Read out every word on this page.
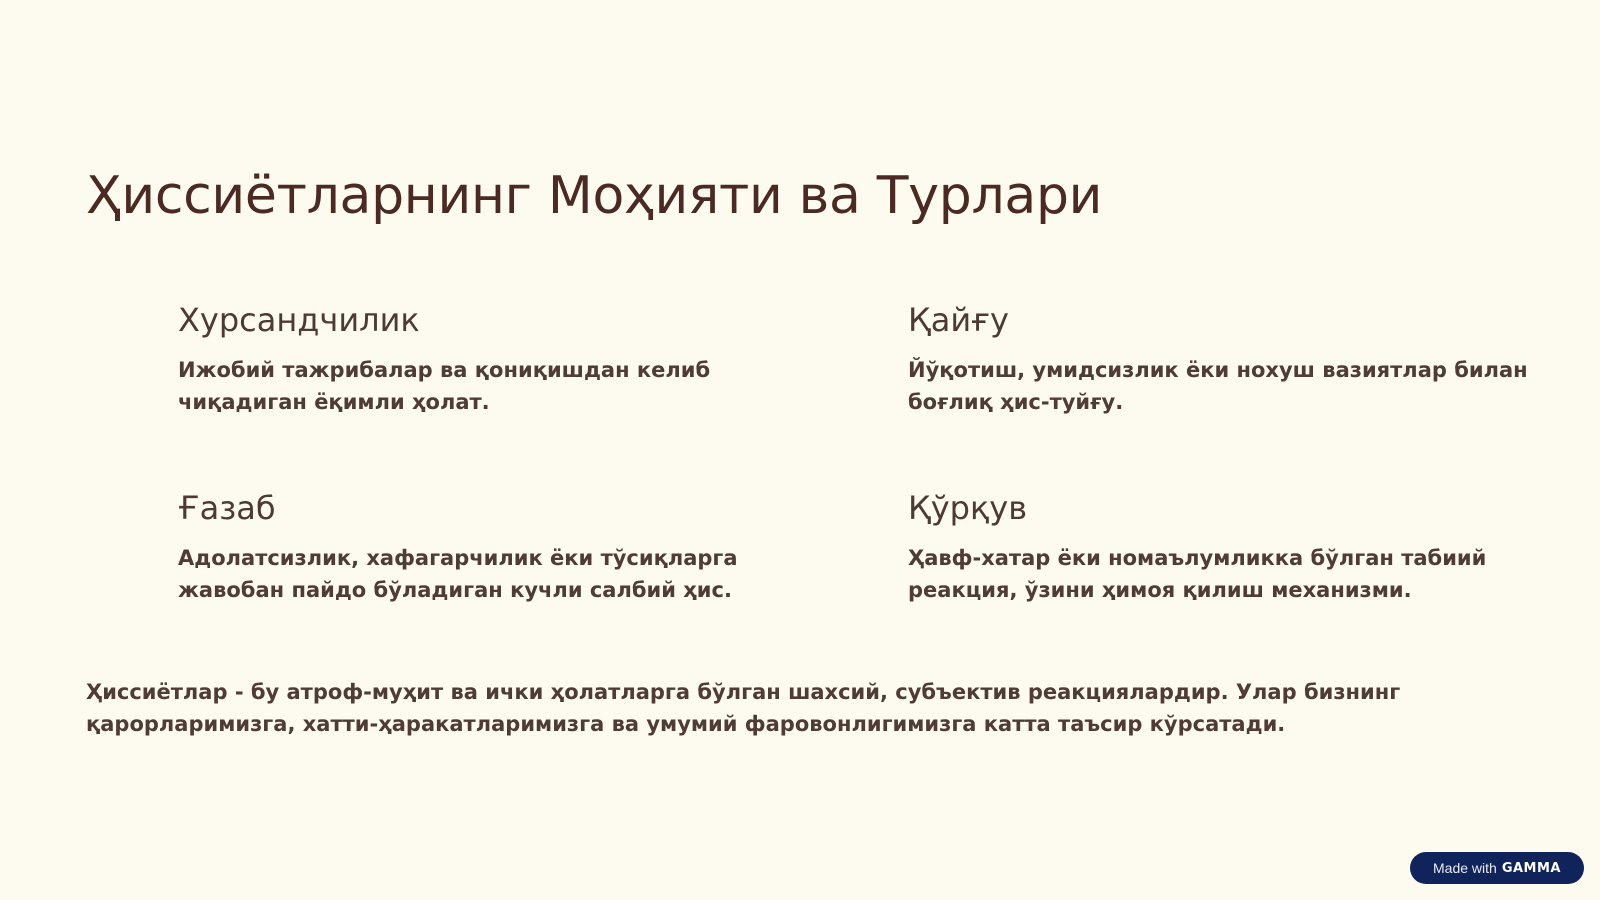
Ҳиссиётларнинг Моҳияти ва Турлари
Хурсандчилик

Ижобий тажрибалар ва қониқишдан келиб чиқадиган ёқимли ҳолат.

Қайғу

Йўқотиш, умидсизлик ёки нохуш вазиятлар билан боғлиқ ҳис-туйғу.

Ғазаб

Адолатсизлик, хафагарчилик ёки тўсиқларга жавобан пайдо бўладиган кучли салбий ҳис.

Қўрқув

Ҳавф-хатар ёки номаълумликка бўлган табиий реакция, ўзини ҳимоя қилиш механизми.

Ҳиссиётлар - бу атроф-муҳит ва ички ҳолатларга бўлган шахсий, субъектив реакциялардир. Улар бизнинг қарорларимизга, хатти-ҳаракатларимизга ва умумий фаровонлигимизга катта таъсир кўрсатади.

Made with GAMMA
